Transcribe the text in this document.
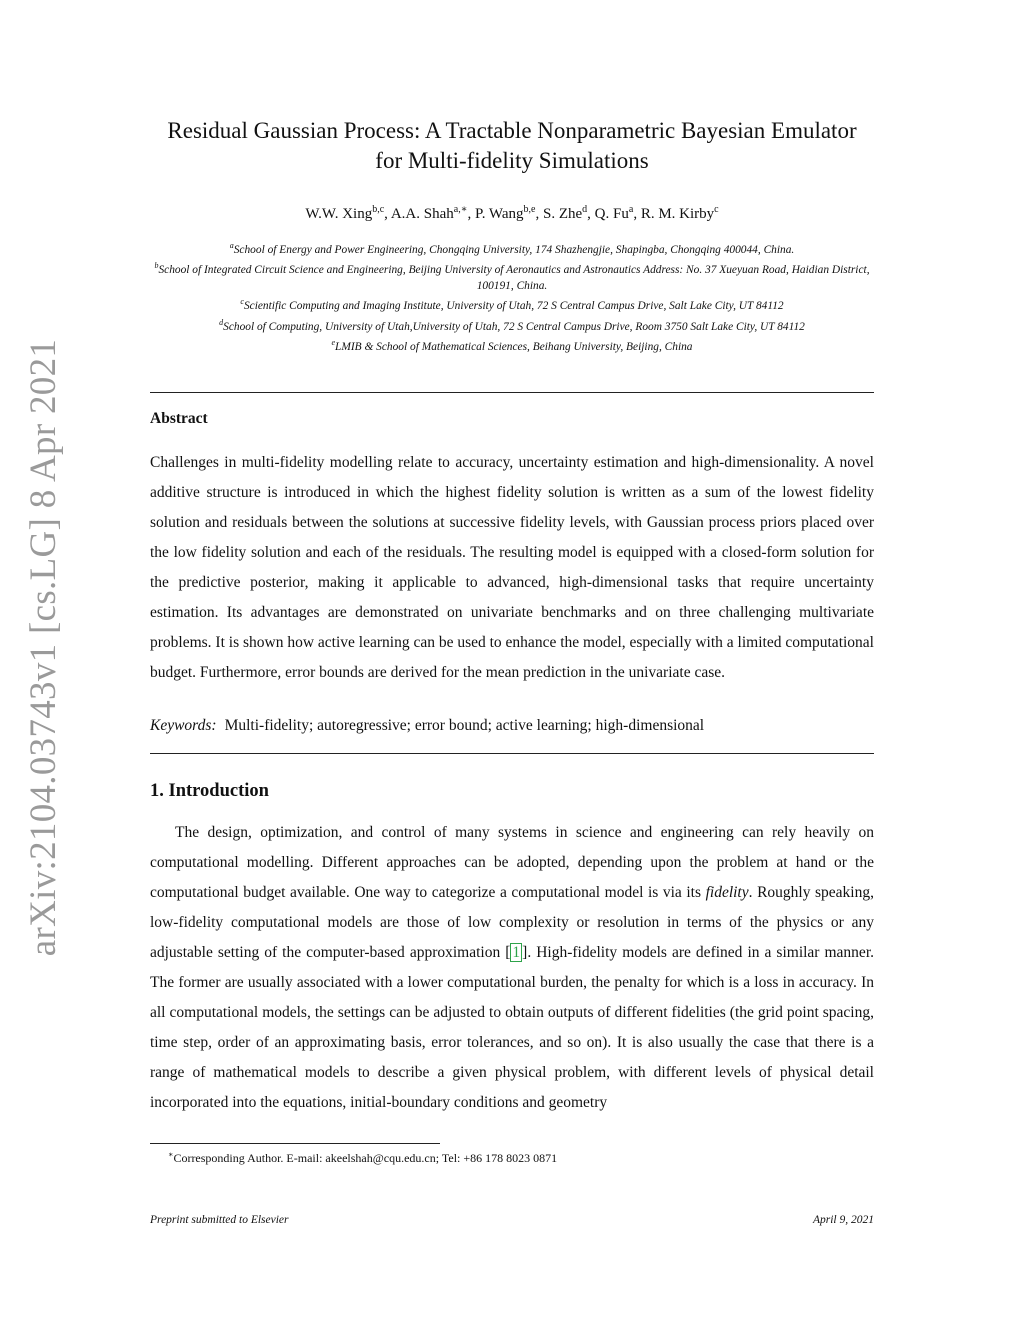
arXiv:2104.03743v1 [cs.LG] 8 Apr 2021
Residual Gaussian Process: A Tractable Nonparametric Bayesian Emulator
for Multi-fidelity Simulations
W.W. Xing$^{b,c}$, A.A. Shah$^{a,∗}$, P. Wang$^{b,e}$, S. Zhe$^d$, Q. Fu$^a$, R. M. Kirby$^c$
$^a$School of Energy and Power Engineering, Chongqing University, 174 Shazhengjie, Shapingba, Chongqing 400044, China.
$^b$School of Integrated Circuit Science and Engineering, Beijing University of Aeronautics and Astronautics Address: No. 37 Xueyuan Road, Haidian District, 100191, China.
$^c$Scientific Computing and Imaging Institute, University of Utah, 72 S Central Campus Drive, Salt Lake City, UT 84112
$^d$School of Computing, University of Utah,University of Utah, 72 S Central Campus Drive, Room 3750 Salt Lake City, UT 84112
$^e$LMIB & School of Mathematical Sciences, Beihang University, Beijing, China
Abstract
Challenges in multi-fidelity modelling relate to accuracy, uncertainty estimation and high-dimensionality. A novel additive structure is introduced in which the highest fidelity solution is written as a sum of the lowest fidelity solution and residuals between the solutions at successive fidelity levels, with Gaussian process priors placed over the low fidelity solution and each of the residuals. The resulting model is equipped with a closed-form solution for the predictive posterior, making it applicable to advanced, high-dimensional tasks that require uncertainty estimation. Its advantages are demonstrated on univariate benchmarks and on three challenging multivariate problems. It is shown how active learning can be used to enhance the model, especially with a limited computational budget. Furthermore, error bounds are derived for the mean prediction in the univariate case.
Keywords: Multi-fidelity; autoregressive; error bound; active learning; high-dimensional
1. Introduction
The design, optimization, and control of many systems in science and engineering can rely heavily on computational modelling. Different approaches can be adopted, depending upon the problem at hand or the computational budget available. One way to categorize a computational model is via its fidelity. Roughly speaking, low-fidelity computational models are those of low complexity or resolution in terms of the physics or any adjustable setting of the computer-based approximation [ 1 ]. High-fidelity models are defined in a similar manner. The former are usually associated with a lower computational burden, the penalty for which is a loss in accuracy. In all computational models, the settings can be adjusted to obtain outputs of different fidelities (the grid point spacing, time step, order of an approximating basis, error tolerances, and so on). It is also usually the case that there is a range of mathematical models to describe a given physical problem, with different levels of physical detail incorporated into the equations, initial-boundary conditions and geometry
∗Corresponding Author. E-mail: akeelshah@cqu.edu.cn; Tel: +86 178 8023 0871
Preprint submitted to Elsevier	April 9, 2021
